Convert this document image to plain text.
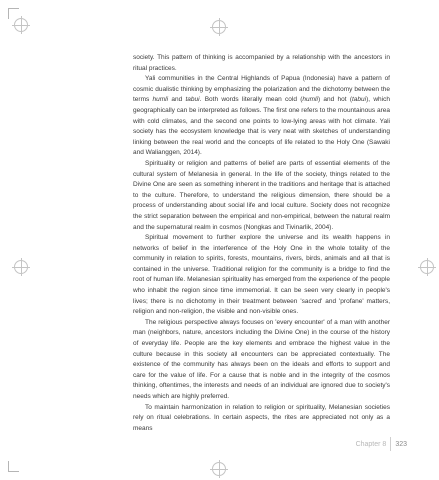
society. This pattern of thinking is accompanied by a relationship with the ancestors in ritual practices.

Yali communities in the Central Highlands of Papua (Indonesia) have a pattern of cosmic dualistic thinking by emphasizing the polarization and the dichotomy between the terms humli and tabui. Both words literally mean cold (humli) and hot (tabui), which geographically can be interpreted as follows. The first one refers to the mountainous area with cold climates, and the second one points to low-lying areas with hot climate. Yali society has the ecosystem knowledge that is very neat with sketches of understanding linking between the real world and the concepts of life related to the Holy One (Sawaki and Walianggen, 2014).

Spirituality or religion and patterns of belief are parts of essential elements of the cultural system of Melanesia in general. In the life of the society, things related to the Divine One are seen as something inherent in the traditions and heritage that is attached to the culture. Therefore, to understand the religious dimension, there should be a process of understanding about social life and local culture. Society does not recognize the strict separation between the empirical and non-empirical, between the natural realm and the supernatural realm in cosmos (Nongkas and Tivinarlik, 2004).

Spiritual movement to further explore the universe and its wealth happens in networks of belief in the interference of the Holy One in the whole totality of the community in relation to spirits, forests, mountains, rivers, birds, animals and all that is contained in the universe. Traditional religion for the community is a bridge to find the root of human life. Melanesian spirituality has emerged from the experience of the people who inhabit the region since time immemorial. It can be seen very clearly in people's lives; there is no dichotomy in their treatment between 'sacred' and 'profane' matters, religion and non-religion, the visible and non-visible ones.

The religious perspective always focuses on 'every encounter' of a man with another man (neighbors, nature, ancestors including the Divine One) in the course of the history of everyday life. People are the key elements and embrace the highest value in the culture because in this society all encounters can be appreciated contextually. The existence of the community has always been on the ideals and efforts to support and care for the value of life. For a cause that is noble and in the integrity of the cosmos thinking, oftentimes, the interests and needs of an individual are ignored due to society's needs which are highly preferred.

To maintain harmonization in relation to religion or spirituality, Melanesian societies rely on ritual celebrations. In certain aspects, the rites are appreciated not only as a means

Chapter 8 323
